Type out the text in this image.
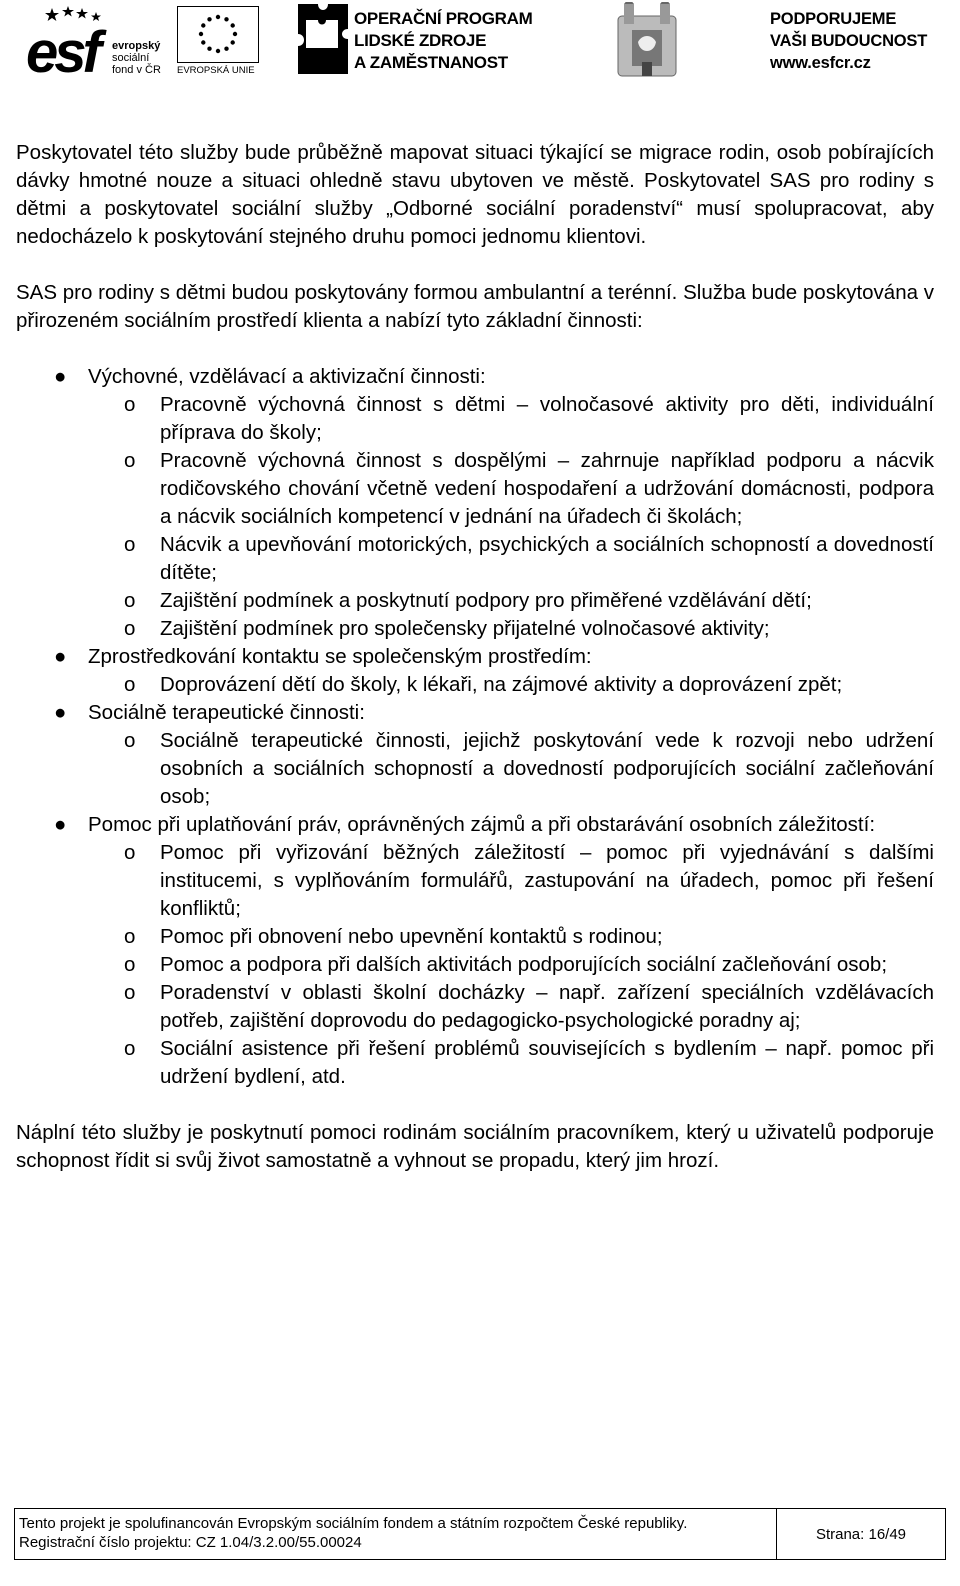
esf evropský
sociální
fond v ČR EVROPSKÁ UNIE
OPERAČNÍ PROGRAM
LIDSKÉ ZDROJE
A ZAMĚSTNANOST
PODPORUJEME
VAŠI BUDOUCNOST
www.esfcr.cz

Poskytovatel této služby bude průběžně mapovat situaci týkající se migrace rodin, osob pobírajících dávky hmotné nouze a situaci ohledně stavu ubytoven ve městě. Poskytovatel SAS pro rodiny s dětmi a poskytovatel sociální služby „Odborné sociální poradenství“ musí spolupracovat, aby nedocházelo k poskytování stejného druhu pomoci jednomu klientovi.

SAS pro rodiny s dětmi budou poskytovány formou ambulantní a terénní. Služba bude poskytována v přirozeném sociálním prostředí klienta a nabízí tyto základní činnosti:

● Výchovné, vzdělávací a aktivizační činnosti:
o Pracovně výchovná činnost s dětmi – volnočasové aktivity pro děti, individuální příprava do školy;
o Pracovně výchovná činnost s dospělými – zahrnuje například podporu a nácvik rodičovského chování včetně vedení hospodaření a udržování domácnosti, podpora a nácvik sociálních kompetencí v jednání na úřadech či školách;
o Nácvik a upevňování motorických, psychických a sociálních schopností a dovedností dítěte;
o Zajištění podmínek a poskytnutí podpory pro přiměřené vzdělávání dětí;
o Zajištění podmínek pro společensky přijatelné volnočasové aktivity;
● Zprostředkování kontaktu se společenským prostředím:
o Doprovázení dětí do školy, k lékaři, na zájmové aktivity a doprovázení zpět;
● Sociálně terapeutické činnosti:
o Sociálně terapeutické činnosti, jejichž poskytování vede k rozvoji nebo udržení osobních a sociálních schopností a dovedností podporujících sociální začleňování osob;
●	Pomoc při uplatňování práv, oprávněných zájmů a při obstarávání osobních záležitostí:
o Pomoc při vyřizování běžných záležitostí – pomoc při vyjednávání s dalšími institucemi, s vyplňováním formulářů, zastupování na úřadech, pomoc při řešení konfliktů;
o Pomoc při obnovení nebo upevnění kontaktů s rodinou;
o Pomoc a podpora při dalších aktivitách podporujících sociální začleňování osob;
o Poradenství v oblasti školní docházky – např. zařízení speciálních vzdělávacích potřeb, zajištění doprovodu do pedagogicko-psychologické poradny aj;
o Sociální asistence při řešení problémů souvisejících s bydlením – např. pomoc při udržení bydlení, atd.

Náplní této služby je poskytnutí pomoci rodinám sociálním pracovníkem, který u uživatelů podporuje schopnost řídit si svůj život samostatně a vyhnout se propadu, který jim hrozí.

Tento projekt je spolufinancován Evropským sociálním fondem a státním rozpočtem České republiky.
Registrační číslo projektu: CZ 1.04/3.2.00/55.00024	Strana: 16/49
